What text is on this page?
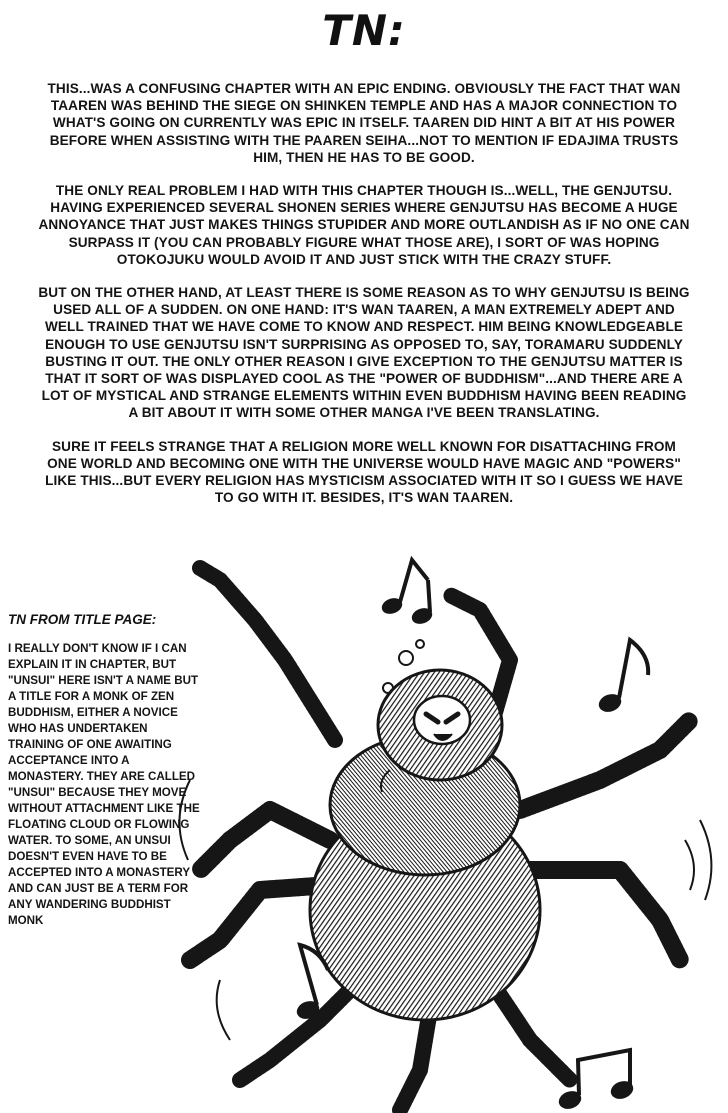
TN:

THIS...WAS A CONFUSING CHAPTER WITH AN EPIC ENDING. OBVIOUSLY THE FACT THAT WAN TAAREN WAS BEHIND THE SIEGE ON SHINKEN TEMPLE AND HAS A MAJOR CONNECTION TO WHAT'S GOING ON CURRENTLY WAS EPIC IN ITSELF. TAAREN DID HINT A BIT AT HIS POWER BEFORE WHEN ASSISTING WITH THE PAAREN SEIHA...NOT TO MENTION IF EDAJIMA TRUSTS HIM, THEN HE HAS TO BE GOOD.

THE ONLY REAL PROBLEM I HAD WITH THIS CHAPTER THOUGH IS...WELL, THE GENJUTSU. HAVING EXPERIENCED SEVERAL SHONEN SERIES WHERE GENJUTSU HAS BECOME A HUGE ANNOYANCE THAT JUST MAKES THINGS STUPIDER AND MORE OUTLANDISH AS IF NO ONE CAN SURPASS IT (YOU CAN PROBABLY FIGURE WHAT THOSE ARE), I SORT OF WAS HOPING OTOKOJUKU WOULD AVOID IT AND JUST STICK WITH THE CRAZY STUFF.

BUT ON THE OTHER HAND, AT LEAST THERE IS SOME REASON AS TO WHY GENJUTSU IS BEING USED ALL OF A SUDDEN. ON ONE HAND: IT'S WAN TAAREN, A MAN EXTREMELY ADEPT AND WELL TRAINED THAT WE HAVE COME TO KNOW AND RESPECT. HIM BEING KNOWLEDGEABLE ENOUGH TO USE GENJUTSU ISN'T SURPRISING AS OPPOSED TO, SAY, TORAMARU SUDDENLY BUSTING IT OUT. THE ONLY OTHER REASON I GIVE EXCEPTION TO THE GENJUTSU MATTER IS THAT IT SORT OF WAS DISPLAYED COOL AS THE "POWER OF BUDDHISM"...AND THERE ARE A LOT OF MYSTICAL AND STRANGE ELEMENTS WITHIN EVEN BUDDHISM HAVING BEEN READING A BIT ABOUT IT WITH SOME OTHER MANGA I'VE BEEN TRANSLATING.

SURE IT FEELS STRANGE THAT A RELIGION MORE WELL KNOWN FOR DISATTACHING FROM ONE WORLD AND BECOMING ONE WITH THE UNIVERSE WOULD HAVE MAGIC AND "POWERS" LIKE THIS...BUT EVERY RELIGION HAS MYSTICISM ASSOCIATED WITH IT SO I GUESS WE HAVE TO GO WITH IT. BESIDES, IT'S WAN TAAREN.

TN FROM TITLE PAGE:
I REALLY DON'T KNOW IF I CAN EXPLAIN IT IN CHAPTER, BUT "UNSUI" HERE ISN'T A NAME BUT A TITLE FOR A MONK OF ZEN BUDDHISM, EITHER A NOVICE WHO HAS UNDERTAKEN TRAINING OF ONE AWAITING ACCEPTANCE INTO A MONASTERY. THEY ARE CALLED "UNSUI" BECAUSE THEY MOVE WITHOUT ATTACHMENT LIKE THE FLOATING CLOUD OR FLOWING WATER. TO SOME, AN UNSUI DOESN'T EVEN HAVE TO BE ACCEPTED INTO A MONASTERY AND CAN JUST BE A TERM FOR ANY WANDERING BUDDHIST MONK
